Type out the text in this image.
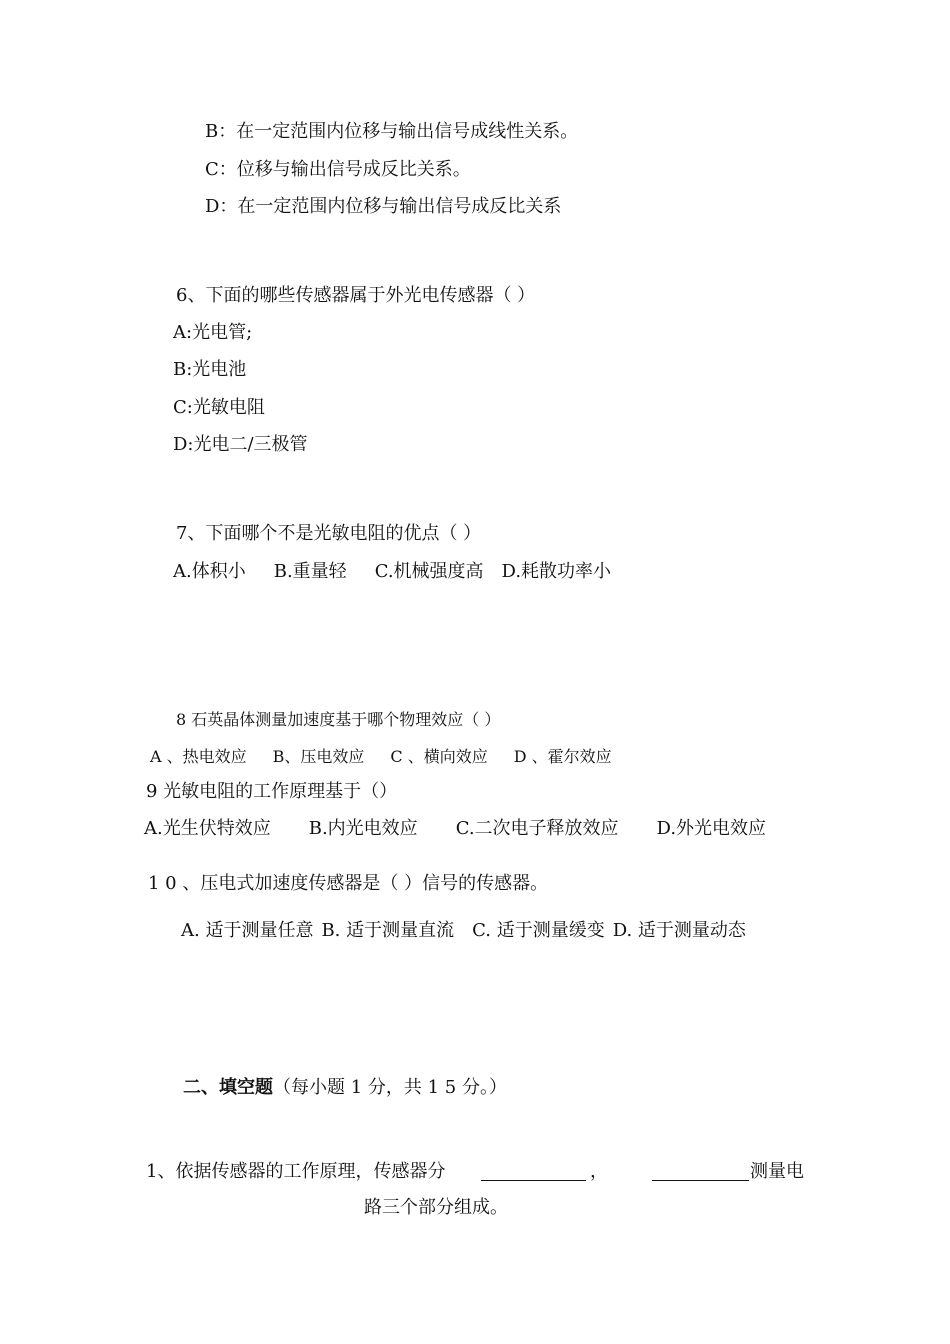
B：在一定范围内位移与输出信号成线性关系。
C：位移与输出信号成反比关系。
D：在一定范围内位移与输出信号成反比关系
6、下面的哪些传感器属于外光电传感器（ ）
A:光电管;
B:光电池
C:光敏电阻
D:光电二/三极管
7、下面哪个不是光敏电阻的优点（ ）
A.体积小 B.重量轻 C.机械强度高 D.耗散功率小
8 石英晶体测量加速度基于哪个物理效应（ ）
A 、热电效应 B、压电效应 C 、横向效应 D 、霍尔效应
9 光敏电阻的工作原理基于（）
A.光生伏特效应 B.内光电效应 C.二次电子释放效应 D.外光电效应
1 0 、压电式加速度传感器是（ ）信号的传感器。
A. 适于测量任意 B. 适于测量直流 C. 适于测量缓变 D. 适于测量动态
二、填空题（每小题 1 分，共 1 5 分。）
1、依据传感器的工作原理，传感器分	，	测量电
路三个部分组成。
